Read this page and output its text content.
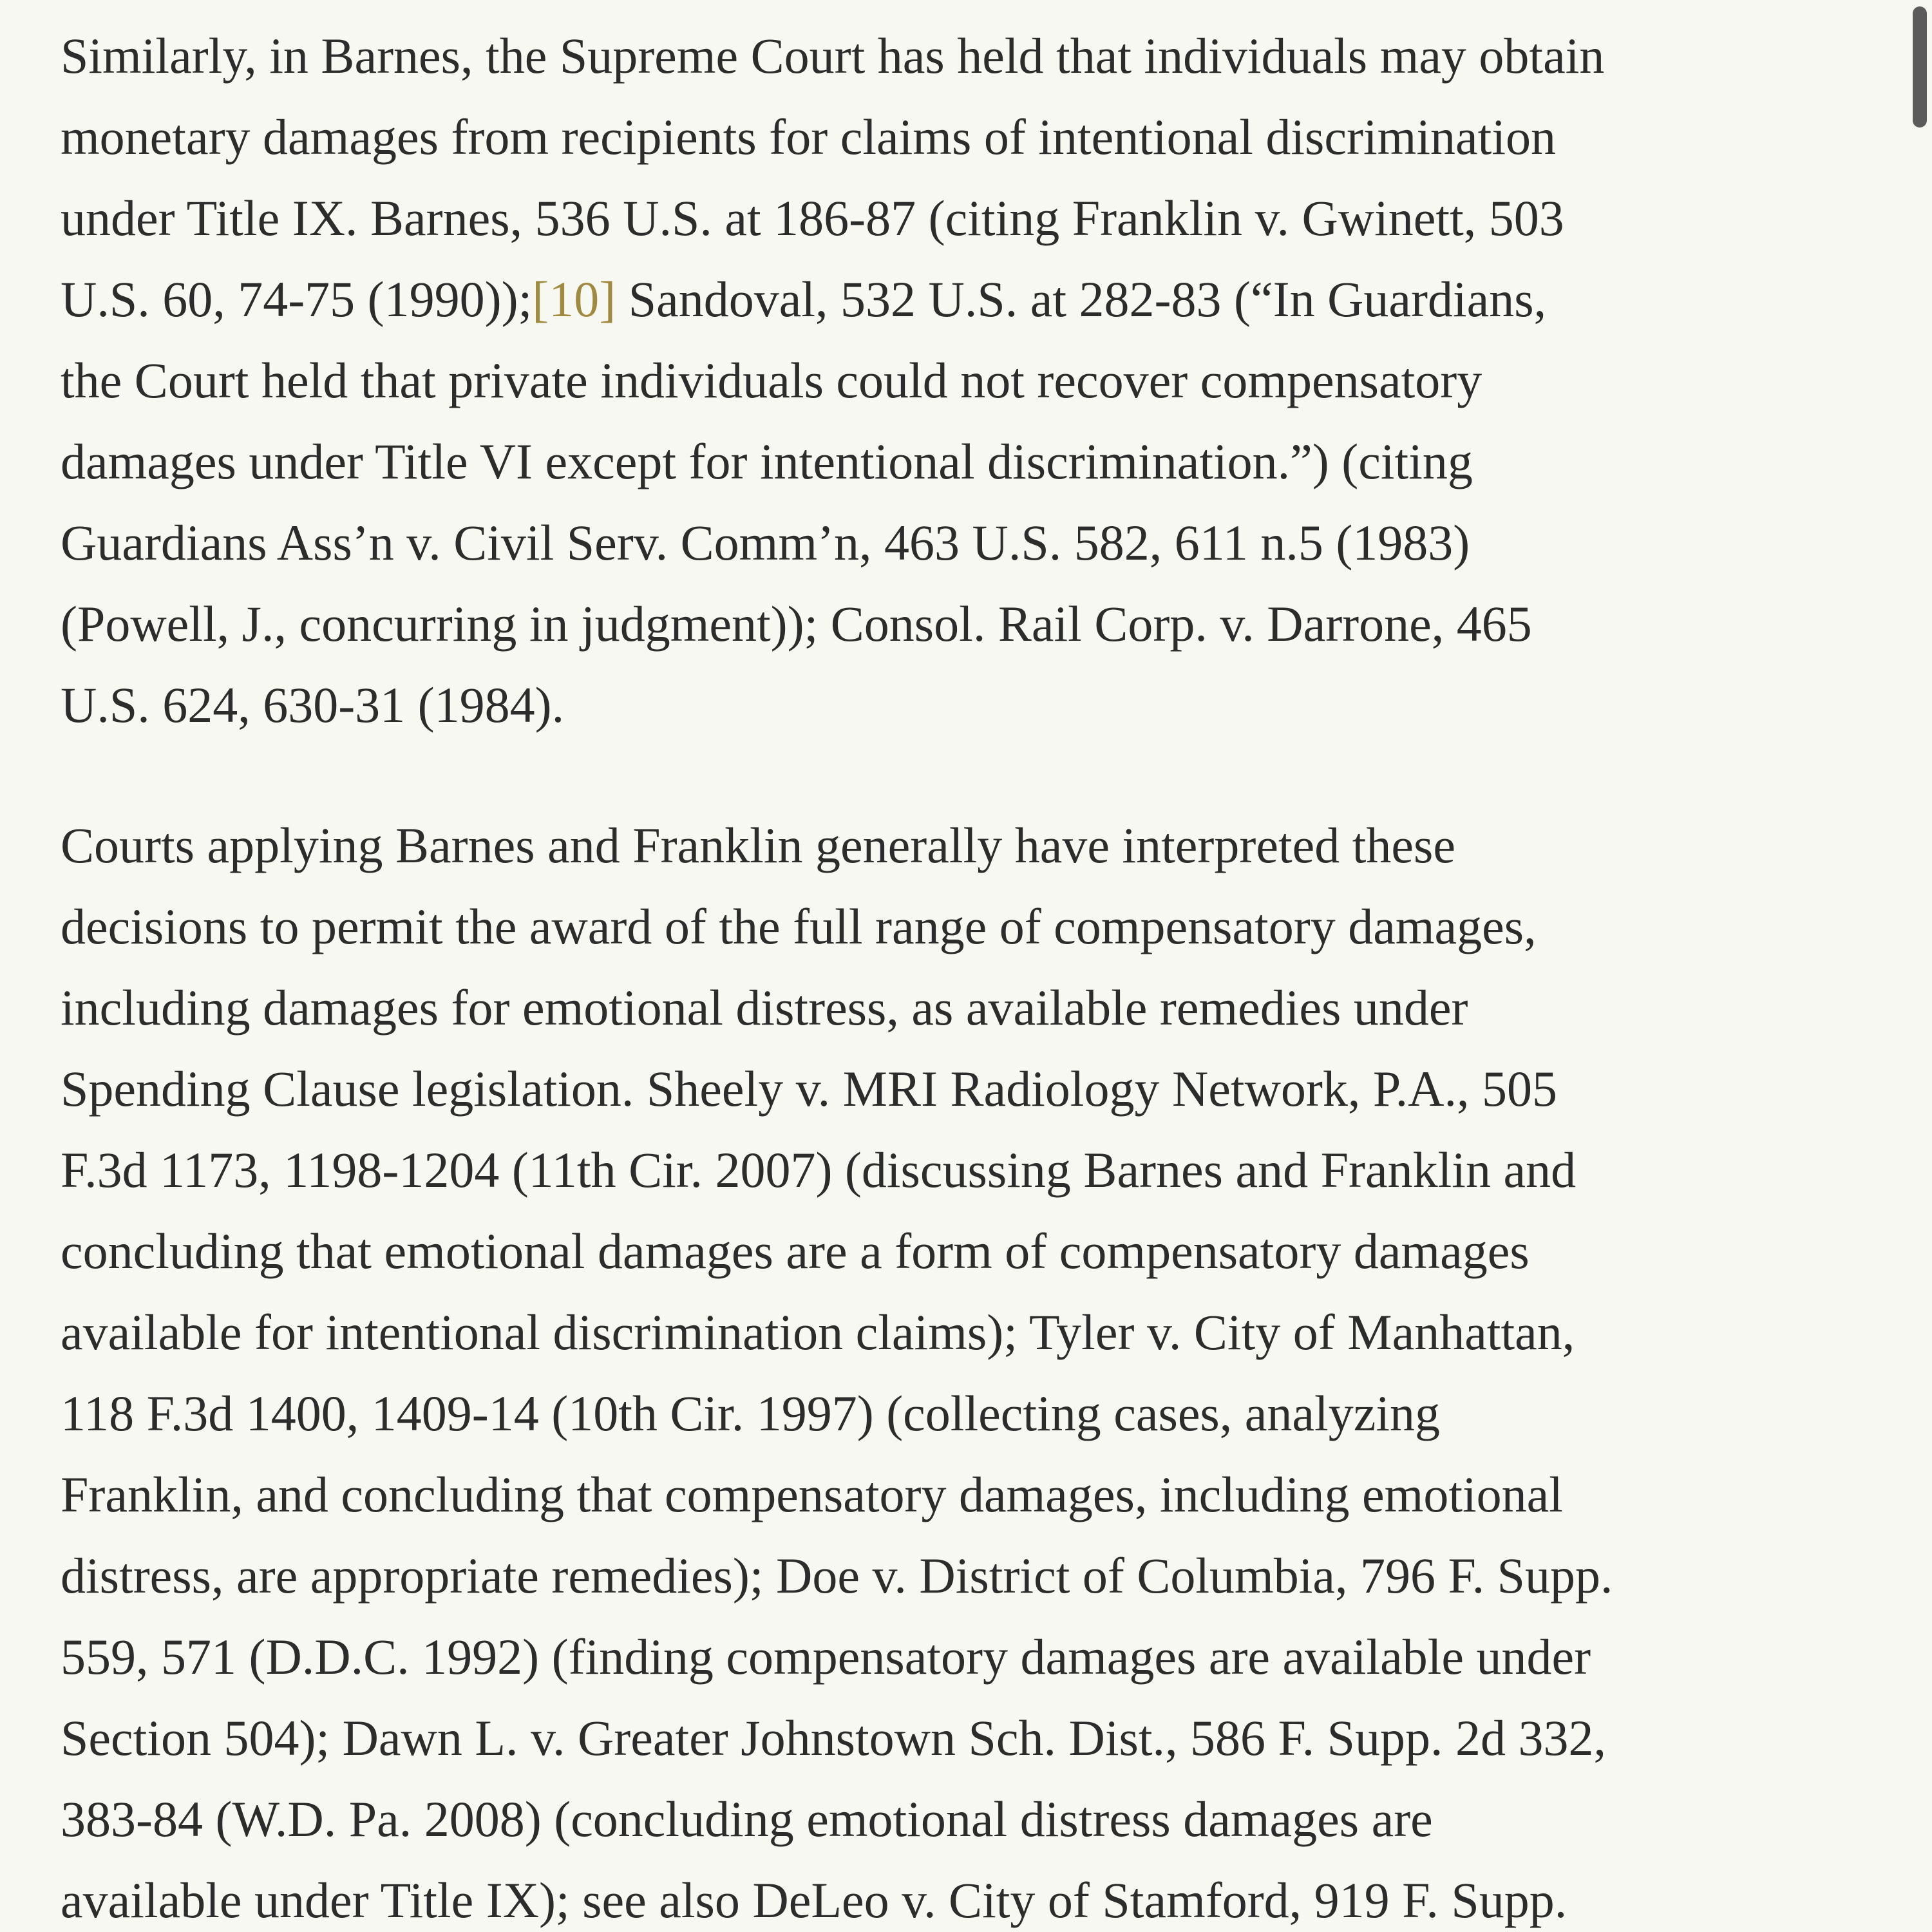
Similarly, in Barnes, the Supreme Court has held that individuals may obtain
monetary damages from recipients for claims of intentional discrimination
under Title IX. Barnes, 536 U.S. at 186-87 (citing Franklin v. Gwinett, 503
U.S. 60, 74-75 (1990));[10] Sandoval, 532 U.S. at 282-83 (“In Guardians,
the Court held that private individuals could not recover compensatory
damages under Title VI except for intentional discrimination.”) (citing
Guardians Ass’n v. Civil Serv. Comm’n, 463 U.S. 582, 611 n.5 (1983)
(Powell, J., concurring in judgment)); Consol. Rail Corp. v. Darrone, 465
U.S. 624, 630-31 (1984).

Courts applying Barnes and Franklin generally have interpreted these
decisions to permit the award of the full range of compensatory damages,
including damages for emotional distress, as available remedies under
Spending Clause legislation. Sheely v. MRI Radiology Network, P.A., 505
F.3d 1173, 1198-1204 (11th Cir. 2007) (discussing Barnes and Franklin and
concluding that emotional damages are a form of compensatory damages
available for intentional discrimination claims); Tyler v. City of Manhattan,
118 F.3d 1400, 1409-14 (10th Cir. 1997) (collecting cases, analyzing
Franklin, and concluding that compensatory damages, including emotional
distress, are appropriate remedies); Doe v. District of Columbia, 796 F. Supp.
559, 571 (D.D.C. 1992) (finding compensatory damages are available under
Section 504); Dawn L. v. Greater Johnstown Sch. Dist., 586 F. Supp. 2d 332,
383-84 (W.D. Pa. 2008) (concluding emotional distress damages are
available under Title IX); see also DeLeo v. City of Stamford, 919 F. Supp.
